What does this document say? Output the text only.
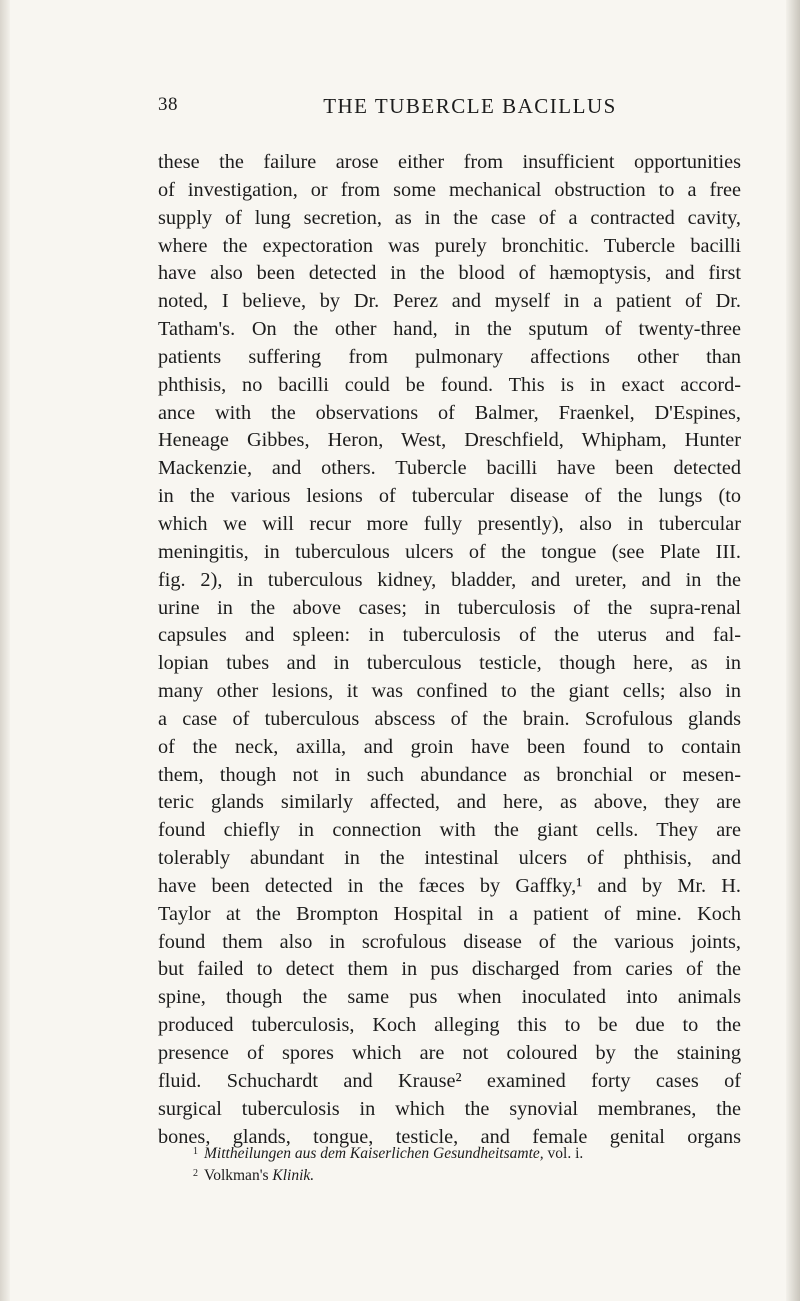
38	THE TUBERCLE BACILLUS
these the failure arose either from insufficient opportunities
of investigation, or from some mechanical obstruction to a free
supply of lung secretion, as in the case of a contracted cavity,
where the expectoration was purely bronchitic. Tubercle bacilli
have also been detected in the blood of hæmoptysis, and first
noted, I believe, by Dr. Perez and myself in a patient of Dr.
Tatham's. On the other hand, in the sputum of twenty-three
patients suffering from pulmonary affections other than
phthisis, no bacilli could be found. This is in exact accord-
ance with the observations of Balmer, Fraenkel, D'Espines,
Heneage Gibbes, Heron, West, Dreschfield, Whipham, Hunter
Mackenzie, and others. Tubercle bacilli have been detected
in the various lesions of tubercular disease of the lungs (to
which we will recur more fully presently), also in tubercular
meningitis, in tuberculous ulcers of the tongue (see Plate III.
fig. 2), in tuberculous kidney, bladder, and ureter, and in the
urine in the above cases; in tuberculosis of the supra-renal
capsules and spleen: in tuberculosis of the uterus and fal-
lopian tubes and in tuberculous testicle, though here, as in
many other lesions, it was confined to the giant cells; also in
a case of tuberculous abscess of the brain. Scrofulous glands
of the neck, axilla, and groin have been found to contain
them, though not in such abundance as bronchial or mesen-
teric glands similarly affected, and here, as above, they are
found chiefly in connection with the giant cells. They are
tolerably abundant in the intestinal ulcers of phthisis, and
have been detected in the fæces by Gaffky,¹ and by Mr. H.
Taylor at the Brompton Hospital in a patient of mine. Koch
found them also in scrofulous disease of the various joints,
but failed to detect them in pus discharged from caries of the
spine, though the same pus when inoculated into animals
produced tuberculosis, Koch alleging this to be due to the
presence of spores which are not coloured by the staining
fluid. Schuchardt and Krause² examined forty cases of
surgical tuberculosis in which the synovial membranes, the
bones, glands, tongue, testicle, and female genital organs
$^1$ Mittheilungen aus dem Kaiserlichen Gesundheitsamte, vol. i.
$^2$ Volkman's Klinik.
